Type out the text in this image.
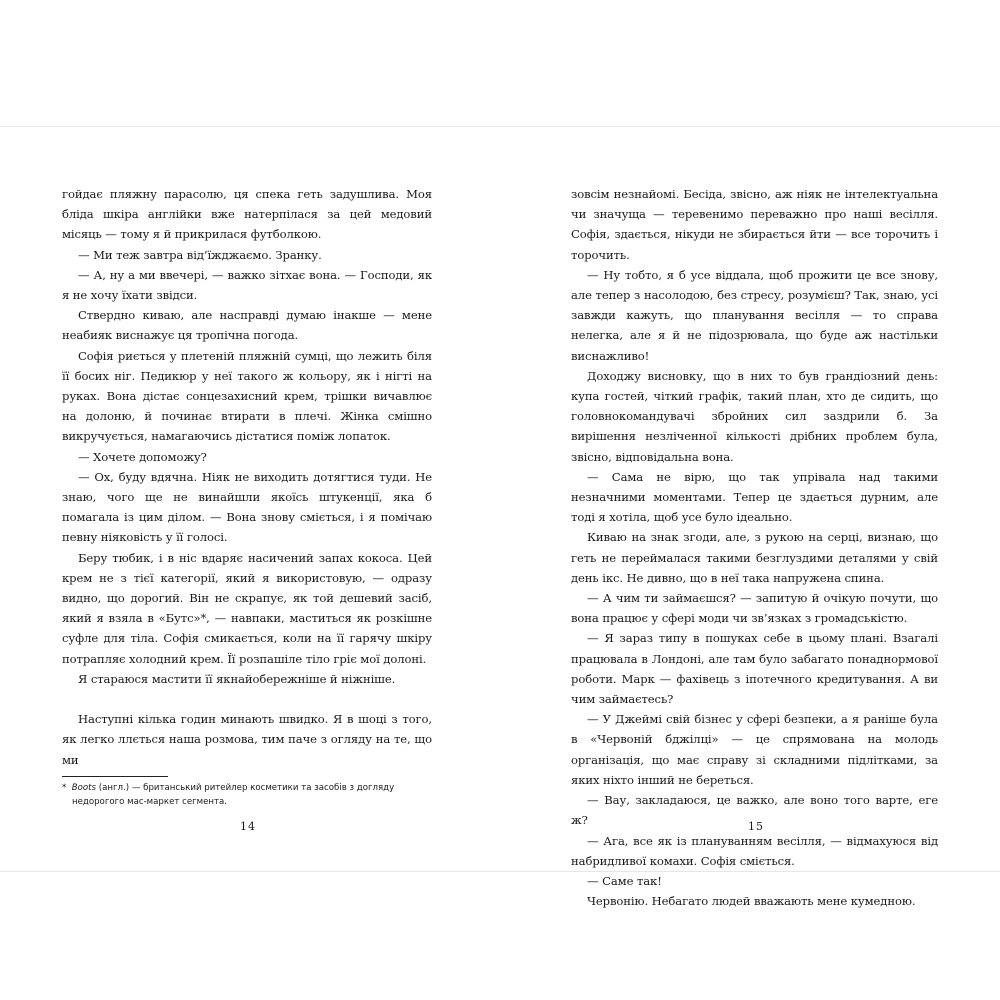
гойдає пляжну парасолю, ця спека геть задушлива. Моя бліда шкіра англійки вже натерпілася за цей медовий місяць — тому я й прикрилася футболкою.

— Ми теж завтра від’їжджаємо. Зранку.

— А, ну а ми ввечері, — важко зітхає вона. — Господи, як я не хочу їхати звідси.

Ствердно киваю, але насправді думаю інакше — мене неабияк виснажує ця тропічна погода.

Софія риється у плетеній пляжній сумці, що лежить біля її босих ніг. Педикюр у неї такого ж кольору, як і нігті на руках. Вона дістає сонцезахисний крем, трішки вичавлює на долоню, й починає втирати в плечі. Жінка смішно викручується, намагаючись дістатися поміж лопаток.

— Хочете допоможу?

— Ох, буду вдячна. Ніяк не виходить дотягтися туди. Не знаю, чого ще не винайшли якоїсь штукенції, яка б помагала із цим ділом. — Вона знову сміється, і я помічаю певну ніяковість у її голосі.

Беру тюбик, і в ніс вдаряє насичений запах кокоса. Цей крем не з тієї категорії, який я використовую, — одразу видно, що дорогий. Він не скрапує, як той дешевий засіб, який я взяла в «Бутс»*, — навпаки, маститься як розкішне суфле для тіла. Софія смикається, коли на її гарячу шкіру потрапляє холодний крем. Її розпашіле тіло гріє мої долоні.

Я стараюся мастити її якнайобережніше й ніжніше.

Наступні кілька годин минають швидко. Я в шоці з того, як легко ллється наша розмова, тим паче з огляду на те, що ми

* Boots (англ.) — британський ритейлер косметики та засобів з догляду недорогого мас-маркет сегмента.

зовсім незнайомі. Бесіда, звісно, аж ніяк не інтелектуальна чи значуща — теревенимо переважно про наші весілля. Софія, здається, нікуди не збирається йти — все торочить і торочить.

— Ну тобто, я б усе віддала, щоб прожити це все знову, але тепер з насолодою, без стресу, розумієш? Так, знаю, усі завжди кажуть, що планування весілля — то справа нелегка, але я й не підозрювала, що буде аж настільки виснажливо!

Доходжу висновку, що в них то був грандіозний день: купа гостей, чіткий графік, такий план, хто де сидить, що головнокомандувачі збройних сил заздрили б. За вирішення незліченної кількості дрібних проблем була, звісно, відповідальна вона.

— Сама не вірю, що так упрівала над такими незначними моментами. Тепер це здається дурним, але тоді я хотіла, щоб усе було ідеально.

Киваю на знак згоди, але, з рукою на серці, визнаю, що геть не переймалася такими безглуздими деталями у свій день ікс. Не дивно, що в неї така напружена спина.

— А чим ти займаєшся? — запитую й очікую почути, що вона працює у сфері моди чи зв’язках з громадськістю.

— Я зараз типу в пошуках себе в цьому плані. Взагалі працювала в Лондоні, але там було забагато понаднормової роботи. Марк — фахівець з іпотечного кредитування. А ви чим займаєтесь?

— У Джеймі свій бізнес у сфері безпеки, а я раніше була в «Червоній бджілці» — це спрямована на молодь організація, що має справу зі складними підлітками, за яких ніхто інший не береться.

— Вау, закладаюся, це важко, але воно того варте, еге ж?

— Ага, все як із плануванням весілля, — відмахуюся від набридливої комахи. Софія сміється.

— Саме так!

Червонію. Небагато людей вважають мене кумедною.

14	15
